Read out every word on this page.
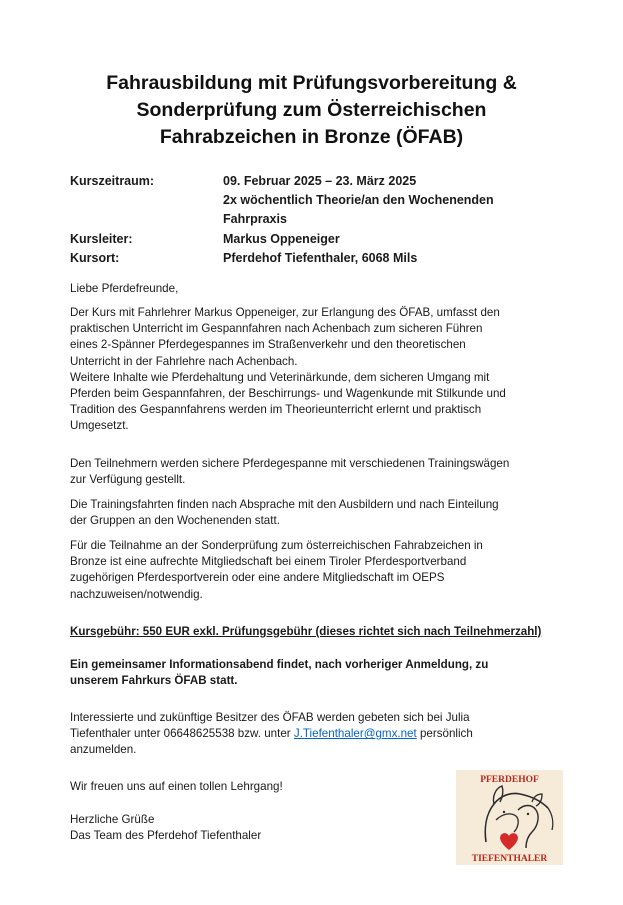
Fahrausbildung mit Prüfungsvorbereitung &
Sonderprüfung zum Österreichischen
Fahrabzeichen in Bronze (ÖFAB)
Kurszeitraum:	09. Februar 2025 – 23. März 2025
2x wöchentlich Theorie/an den Wochenenden
Fahrpraxis
Kursleiter:	Markus Oppeneiger
Kursort:	Pferdehof Tiefenthaler, 6068 Mils

Liebe Pferdefreunde,

Der Kurs mit Fahrlehrer Markus Oppeneiger, zur Erlangung des ÖFAB, umfasst den
praktischen Unterricht im Gespannfahren nach Achenbach zum sicheren Führen
eines 2-Spänner Pferdegespannes im Straßenverkehr und den theoretischen
Unterricht in der Fahrlehre nach Achenbach.
Weitere Inhalte wie Pferdehaltung und Veterinärkunde, dem sicheren Umgang mit
Pferden beim Gespannfahren, der Beschirrungs- und Wagenkunde mit Stilkunde und
Tradition des Gespannfahrens werden im Theorieunterricht erlernt und praktisch
Umgesetzt.
Den Teilnehmern werden sichere Pferdegespanne mit verschiedenen Trainingswägen
zur Verfügung gestellt.
Die Trainingsfahrten finden nach Absprache mit den Ausbildern und nach Einteilung
der Gruppen an den Wochenenden statt.
Für die Teilnahme an der Sonderprüfung zum österreichischen Fahrabzeichen in
Bronze ist eine aufrechte Mitgliedschaft bei einem Tiroler Pferdesportverband
zugehörigen Pferdesportverein oder eine andere Mitgliedschaft im OEPS
nachzuweisen/notwendig.
Kursgebühr: 550 EUR exkl. Prüfungsgebühr (dieses richtet sich nach Teilnehmerzahl)
Ein gemeinsamer Informationsabend findet, nach vorheriger Anmeldung, zu
unserem Fahrkurs ÖFAB statt.
Interessierte und zukünftige Besitzer des ÖFAB werden gebeten sich bei Julia
Tiefenthaler unter 06648625538 bzw. unter J.Tiefenthaler@gmx.net persönlich
anzumelden.
Wir freuen uns auf einen tollen Lehrgang!
Herzliche Grüße
Das Team des Pferdehof Tiefenthaler
PFERDEHOF
TIEFENTHALER
